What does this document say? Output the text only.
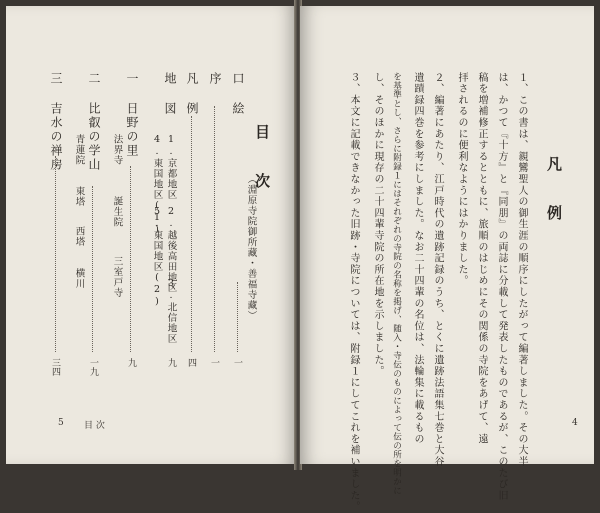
目 次
口 絵
（淵原寺院御所藏・善福寺藏）
一
序
一
凡 例
四
地 図
1.京都地区
4.東国地区(1)
2.越後高田地区
5.東国地区(2)
3.北信地区
九
一 日野の里
法界寺
誕生院
三室戸寺
九
二 比叡の学山
青蓮院
東塔
西塔
横川
一九
三 吉水の禅房
三四
5 目 次
凡 例
１、この書は、親鸞聖人の御生涯の順序にしたがって編著しました。その大半
は、かつて『十方』と『同朋』の両誌に分載して発表したものであるが、このたび旧
稿を増補修正するとともに、旅順のはじめにその関係の寺院をあげて、遠
拝されるのに便利なようにはかりました。
２、編著にあたり、江戸時代の遺跡記録のうち、とくに遺跡法語集七巻と大谷
遺蹟録四巻を参考にしました。なお二十四輩の名位は、法輪集に載るもの
を基準とし、さらに附録１にはそれぞれの寺院の名称を掲げ、随入・寺伝のものによって伝の所を明かに
し、そのほかに現存の二十四輩寺院の所在地を示しました。
３、本文に記載できなかった旧跡・寺院については、附録１にしてこれを補いました。	4
